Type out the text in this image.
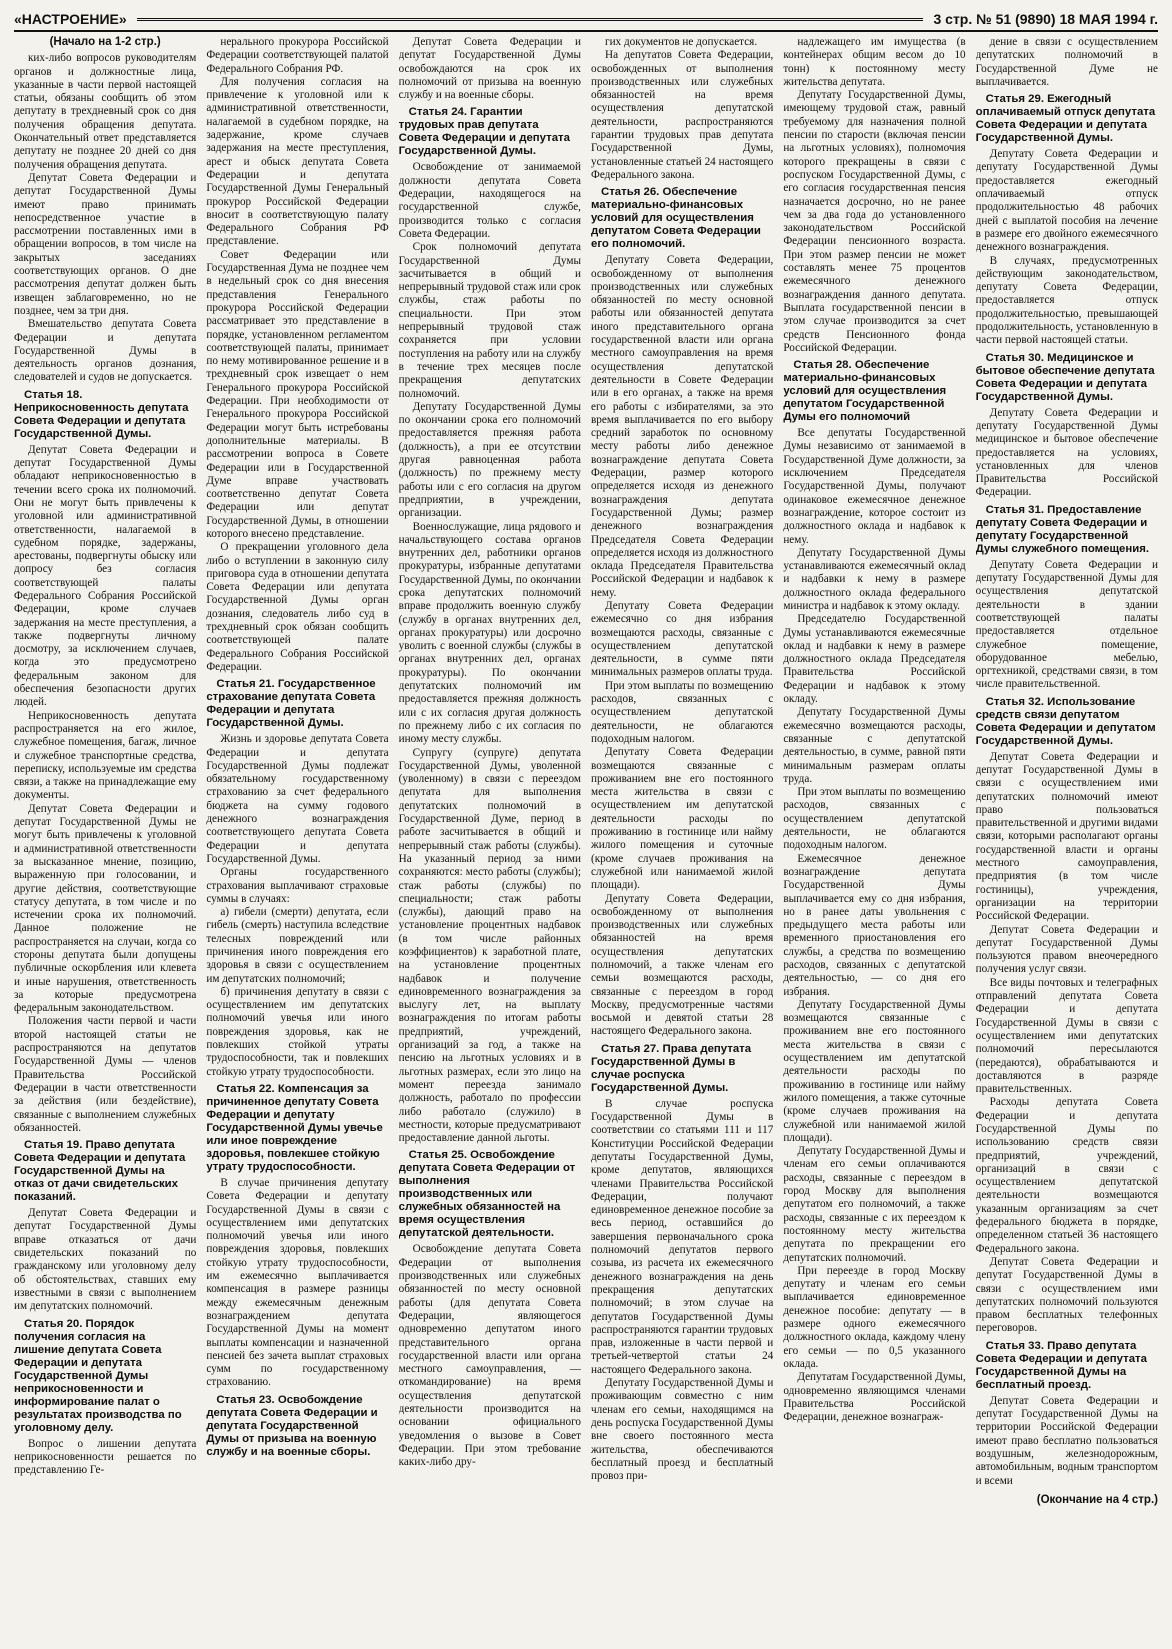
«НАСТРОЕНИЕ»	3 стр. № 51 (9890) 18 МАЯ 1994 г.
(Начало на 1-2 стр.)

ких-либо вопросов руководителям органов и должностные лица, указанные в части первой настоящей статьи, обязаны сообщить об этом депутату в трехдневный срок со дня получения обращения депутата. Окончательный ответ представляется депутату не позднее 20 дней со дня получения обращения депутата.

Депутат Совета Федерации и депутат Государственной Думы имеют право принимать непосредственное участие в рассмотрении поставленных ими в обращении вопросов, в том числе на закрытых заседаниях соответствующих органов. О дне рассмотрения депутат должен быть извещен заблаговременно, но не позднее, чем за три дня.

Вмешательство депутата Совета Федерации и депутата Государственной Думы в деятельность органов дознания, следователей и судов не допускается.

Статья 18. Неприкосновенность депутата Совета Федерации и депутата Государственной Думы.

Депутат Совета Федерации и депутат Государственной Думы обладают неприкосновенностью в течении всего срока их полномочий. Они не могут быть привлечены к уголовной или административной ответственности, налагаемой в судебном порядке, задержаны, арестованы, подвергнуты обыску или допросу без согласия соответствующей палаты Федерального Собрания Российской Федерации, кроме случаев задержания на месте преступления, а также подвергнуты личному досмотру, за исключением случаев, когда это предусмотрено федеральным законом для обеспечения безопасности других людей.

Неприкосновенность депутата распространяется на его жилое, служебное помещения, багаж, личное и служебное транспортные средства, переписку, используемые им средства связи, а также на принадлежащие ему документы.

Депутат Совета Федерации и депутат Государственной Думы не могут быть привлечены к уголовной и административной ответственности за высказанное мнение, позицию, выраженную при голосовании, и другие действия, соответствующие статусу депутата, в том числе и по истечении срока их полномочий. Данное положение не распространяется на случаи, когда со стороны депутата были допущены публичные оскорбления или клевета и иные нарушения, ответственность за которые предусмотрена федеральным законодательством.

Положения части первой и части второй настоящей статьи не распространяются на депутатов Государственной Думы — членов Правительства Российской Федерации в части ответственности за действия (или бездействие), связанные с выполнением служебных обязанностей.

Статья 19. Право депутата Совета Федерации и депутата Государственной Думы на отказ от дачи свидетельских показаний.

Депутат Совета Федерации и депутат Государственной Думы вправе отказаться от дачи свидетельских показаний по гражданскому или уголовному делу об обстоятельствах, ставших ему известными в связи с выполнением им депутатских полномочий.

Статья 20. Порядок получения согласия на лишение депутата Совета Федерации и депутата Государственной Думы неприкосновенности и информирование палат о результатах производства по уголовному делу.

Вопрос о лишении депутата неприкосновенности решается по представлению Ге-

нерального прокурора Российской Федерации соответствующей палатой Федерального Собрания РФ.

Для получения согласия на привлечение к уголовной или к административной ответственности, налагаемой в судебном порядке, на задержание, кроме случаев задержания на месте преступления, арест и обыск депутата Совета Федерации и депутата Государственной Думы Генеральный прокурор Российской Федерации вносит в соответствующую палату Федерального Собрания РФ представление.

Совет Федерации или Государственная Дума не позднее чем в недельный срок со дня внесения представления Генерального прокурора Российской Федерации рассматривает это представление в порядке, установленном регламентом соответствующей палаты, принимает по нему мотивированное решение и в трехдневный срок извещает о нем Генерального прокурора Российской Федерации. При необходимости от Генерального прокурора Российской Федерации могут быть истребованы дополнительные материалы. В рассмотрении вопроса в Совете Федерации или в Государственной Думе вправе участвовать соответственно депутат Совета Федерации или депутат Государственной Думы, в отношении которого внесено представление.

О прекращении уголовного дела либо о вступлении в законную силу приговора суда в отношении депутата Совета Федерации или депутата Государственной Думы орган дознания, следователь либо суд в трехдневный срок обязан сообщить соответствующей палате Федерального Собрания Российской Федерации.

Статья 21. Государственное страхование депутата Совета Федерации и депутата Государственной Думы.

Жизнь и здоровье депутата Совета Федерации и депутата Государственной Думы подлежат обязательному государственному страхованию за счет федерального бюджета на сумму годового денежного вознаграждения соответствующего депутата Совета Федерации и депутата Государственной Думы.

Органы государственного страхования выплачивают страховые суммы в случаях:

а) гибели (смерти) депутата, если гибель (смерть) наступила вследствие телесных повреждений или причинения иного повреждения его здоровья в связи с осуществлением им депутатских полномочий;

б) причинения депутату в связи с осуществлением им депутатских полномочий увечья или иного повреждения здоровья, как не повлекших стойкой утраты трудоспособности, так и повлекших стойкую утрату трудоспособности.

Статья 22. Компенсация за причиненное депутату Совета Федерации и депутату Государственной Думы увечье или иное повреждение здоровья, повлекшее стойкую утрату трудоспособности.

В случае причинения депутату Совета Федерации и депутату Государственной Думы в связи с осуществлением ими депутатских полномочий увечья или иного повреждения здоровья, повлекших стойкую утрату трудоспособности, им ежемесячно выплачивается компенсация в размере разницы между ежемесячным денежным вознаграждением депутата Государственной Думы на момент выплаты компенсации и назначенной пенсией без зачета выплат страховых сумм по государственному страхованию.

Статья 23. Освобождение депутата Совета Федерации и депутата Государственной Думы от призыва на военную службу и на военные сборы.

Депутат Совета Федерации и депутат Государственной Думы освобождаются на срок их полномочий от призыва на военную службу и на военные сборы.

Статья 24. Гарантии трудовых прав депутата Совета Федерации и депутата Государственной Думы.

Освобождение от занимаемой должности депутата Совета Федерации, находящегося на государственной службе, производится только с согласия Совета Федерации.

Срок полномочий депутата Государственной Думы засчитывается в общий и непрерывный трудовой стаж или срок службы, стаж работы по специальности. При этом непрерывный трудовой стаж сохраняется при условии поступления на работу или на службу в течение трех месяцев после прекращения депутатских полномочий.

Депутату Государственной Думы по окончании срока его полномочий предоставляется прежняя работа (должность), а при ее отсутствии другая равноценная работа (должность) по прежнему месту работы или с его согласия на другом предприятии, в учреждении, организации.

Военнослужащие, лица рядового и начальствующего состава органов внутренних дел, работники органов прокуратуры, избранные депутатами Государственной Думы, по окончании срока депутатских полномочий вправе продолжить военную службу (службу в органах внутренних дел, органах прокуратуры) или досрочно уволить с военной службы (службы в органах внутренних дел, органах прокуратуры). По окончании депутатских полномочий им предоставляется прежняя должность или с их согласия другая должность по прежнему либо с их согласия по иному месту службы.

Супругу (супруге) депутата Государственной Думы, уволенной (уволенному) в связи с переездом депутата для выполнения депутатских полномочий в Государственной Думе, период в работе засчитывается в общий и непрерывный стаж работы (службы). На указанный период за ними сохраняются: место работы (службы); стаж работы (службы) по специальности; стаж работы (службы), дающий право на установление процентных надбавок (в том числе районных коэффициентов) к заработной плате, на установление процентных надбавок и получение единовременного вознаграждения за выслугу лет, на выплату вознаграждения по итогам работы предприятий, учреждений, организаций за год, а также на пенсию на льготных условиях и в льготных размерах, если это лицо на момент переезда занимало должность, работало по профессии либо работало (служило) в местности, которые предусматривают предоставление данной льготы.

Статья 25. Освобождение депутата Совета Федерации от выполнения производственных или служебных обязанностей на время осуществления депутатской деятельности.

Освобождение депутата Совета Федерации от выполнения производственных или служебных обязанностей по месту основной работы (для депутата Совета Федерации, являющегося одновременно депутатом иного представительного органа государственной власти или органа местного самоуправления, — откомандирование) на время осуществления депутатской деятельности производится на основании официального уведомления о вызове в Совет Федерации. При этом требование каких-либо дру-

гих документов не допускается.

На депутатов Совета Федерации, освобожденных от выполнения производственных или служебных обязанностей на время осуществления депутатской деятельности, распространяются гарантии трудовых прав депутата Государственной Думы, установленные статьей 24 настоящего Федерального закона.

Статья 26. Обеспечение материально-финансовых условий для осуществления депутатом Совета Федерации его полномочий.

Депутату Совета Федерации, освобожденному от выполнения производственных или служебных обязанностей по месту основной работы или обязанностей депутата иного представительного органа государственной власти или органа местного самоуправления на время осуществления депутатской деятельности в Совете Федерации или в его органах, а также на время его работы с избирателями, за это время выплачивается по его выбору средний заработок по основному месту работы либо денежное вознаграждение депутата Совета Федерации, размер которого определяется исходя из денежного вознаграждения депутата Государственной Думы; размер денежного вознаграждения Председателя Совета Федерации определяется исходя из должностного оклада Председателя Правительства Российской Федерации и надбавок к нему.

Депутату Совета Федерации ежемесячно со дня избрания возмещаются расходы, связанные с осуществлением депутатской деятельности, в сумме пяти минимальных размеров оплаты труда.

При этом выплаты по возмещению расходов, связанных с осуществлением депутатской деятельности, не облагаются подоходным налогом.

Депутату Совета Федерации возмещаются связанные с проживанием вне его постоянного места жительства в связи с осуществлением им депутатской деятельности расходы по проживанию в гостинице или найму жилого помещения и суточные (кроме случаев проживания на служебной или нанимаемой жилой площади).

Депутату Совета Федерации, освобожденному от выполнения производственных или служебных обязанностей на время осуществления депутатских полномочий, а также членам его семьи возмещаются расходы, связанные с переездом в город Москву, предусмотренные частями восьмой и девятой статьи 28 настоящего Федерального закона.

Статья 27. Права депутата Государственной Думы в случае роспуска Государственной Думы.

В случае роспуска Государственной Думы в соответствии со статьями 111 и 117 Конституции Российской Федерации депутаты Государственной Думы, кроме депутатов, являющихся членами Правительства Российской Федерации, получают единовременное денежное пособие за весь период, оставшийся до завершения первоначального срока полномочий депутатов первого созыва, из расчета их ежемесячного денежного вознаграждения на день прекращения депутатских полномочий; в этом случае на депутатов Государственной Думы распространяются гарантии трудовых прав, изложенные в части первой и третьей-четвертой статьи 24 настоящего Федерального закона.

Депутату Государственной Думы и проживающим совместно с ним членам его семьи, находящимся на день роспуска Государственной Думы вне своего постоянного места жительства, обеспечиваются бесплатный проезд и бесплатный провоз при-

надлежащего им имущества (в контейнерах общим весом до 10 тонн) к постоянному месту жительства депутата.

Депутату Государственной Думы, имеющему трудовой стаж, равный требуемому для назначения полной пенсии по старости (включая пенсии на льготных условиях), полномочия которого прекращены в связи с роспуском Государственной Думы, с его согласия государственная пенсия назначается досрочно, но не ранее чем за два года до установленного законодательством Российской Федерации пенсионного возраста. При этом размер пенсии не может составлять менее 75 процентов ежемесячного денежного вознаграждения данного депутата. Выплата государственной пенсии в этом случае производится за счет средств Пенсионного фонда Российской Федерации.

Статья 28. Обеспечение материально-финансовых условий для осуществления депутатом Государственной Думы его полномочий

Все депутаты Государственной Думы независимо от занимаемой в Государственной Думе должности, за исключением Председателя Государственной Думы, получают одинаковое ежемесячное денежное вознаграждение, которое состоит из должностного оклада и надбавок к нему.

Депутату Государственной Думы устанавливаются ежемесячный оклад и надбавки к нему в размере должностного оклада федерального министра и надбавок к этому окладу.

Председателю Государственной Думы устанавливаются ежемесячные оклад и надбавки к нему в размере должностного оклада Председателя Правительства Российской Федерации и надбавок к этому окладу.

Депутату Государственной Думы ежемесячно возмещаются расходы, связанные с депутатской деятельностью, в сумме, равной пяти минимальным размерам оплаты труда.

При этом выплаты по возмещению расходов, связанных с осуществлением депутатской деятельности, не облагаются подоходным налогом.

Ежемесячное денежное вознаграждение депутата Государственной Думы выплачивается ему со дня избрания, но в ранее даты увольнения с предыдущего места работы или временного приостановления его службы, а средства по возмещению расходов, связанных с депутатской деятельностью, — со дня его избрания.

Депутату Государственной Думы возмещаются связанные с проживанием вне его постоянного места жительства в связи с осуществлением им депутатской деятельности расходы по проживанию в гостинице или найму жилого помещения, а также суточные (кроме случаев проживания на служебной или нанимаемой жилой площади).

Депутату Государственной Думы и членам его семьи оплачиваются расходы, связанные с переездом в город Москву для выполнения депутатом его полномочий, а также расходы, связанные с их переездом к постоянному месту жительства депутата по прекращении его депутатских полномочий.

При переезде в город Москву депутату и членам его семьи выплачивается единовременное денежное пособие: депутату — в размере одного ежемесячного должностного оклада, каждому члену его семьи — по 0,5 указанного оклада.

Депутатам Государственной Думы, одновременно являющимся членами Правительства Российской Федерации, денежное вознаграж-

дение в связи с осуществлением депутатских полномочий в Государственной Думе не выплачивается.

Статья 29. Ежегодный оплачиваемый отпуск депутата Совета Федерации и депутата Государственной Думы.

Депутату Совета Федерации и депутату Государственной Думы предоставляется ежегодный оплачиваемый отпуск продолжительностью 48 рабочих дней с выплатой пособия на лечение в размере его двойного ежемесячного денежного вознаграждения.

В случаях, предусмотренных действующим законодательством, депутату Совета Федерации, предоставляется отпуск продолжительностью, превышающей продолжительность, установленную в части первой настоящей статьи.

Статья 30. Медицинское и бытовое обеспечение депутата Совета Федерации и депутата Государственной Думы.

Депутату Совета Федерации и депутату Государственной Думы медицинское и бытовое обеспечение предоставляется на условиях, установленных для членов Правительства Российской Федерации.

Статья 31. Предоставление депутату Совета Федерации и депутату Государственной Думы служебного помещения.

Депутату Совета Федерации и депутату Государственной Думы для осуществления депутатской деятельности в здании соответствующей палаты предоставляется отдельное служебное помещение, оборудованное мебелью, оргтехникой, средствами связи, в том числе правительственной.

Статья 32. Использование средств связи депутатом Совета Федерации и депутатом Государственной Думы.

Депутат Совета Федерации и депутат Государственной Думы в связи с осуществлением ими депутатских полномочий имеют право пользоваться правительственной и другими видами связи, которыми располагают органы государственной власти и органы местного самоуправления, предприятия (в том числе гостиницы), учреждения, организации на территории Российской Федерации.

Депутат Совета Федерации и депутат Государственной Думы пользуются правом внеочередного получения услуг связи.

Все виды почтовых и телеграфных отправлений депутата Совета Федерации и депутата Государственной Думы в связи с осуществлением ими депутатских полномочий пересылаются (передаются), обрабатываются и доставляются в разряде правительственных.

Расходы депутата Совета Федерации и депутата Государственной Думы по использованию средств связи предприятий, учреждений, организаций в связи с осуществлением депутатской деятельности возмещаются указанным организациям за счет федерального бюджета в порядке, определенном статьей 36 настоящего Федерального закона.

Депутат Совета Федерации и депутат Государственной Думы в связи с осуществлением ими депутатских полномочий пользуются правом бесплатных телефонных переговоров.

Статья 33. Право депутата Совета Федерации и депутата Государственной Думы на бесплатный проезд.

Депутат Совета Федерации и депутат Государственной Думы на территории Российской Федерации имеют право бесплатно пользоваться воздушным, железнодорожным, автомобильным, водным транспортом и всеми

(Окончание на 4 стр.)
